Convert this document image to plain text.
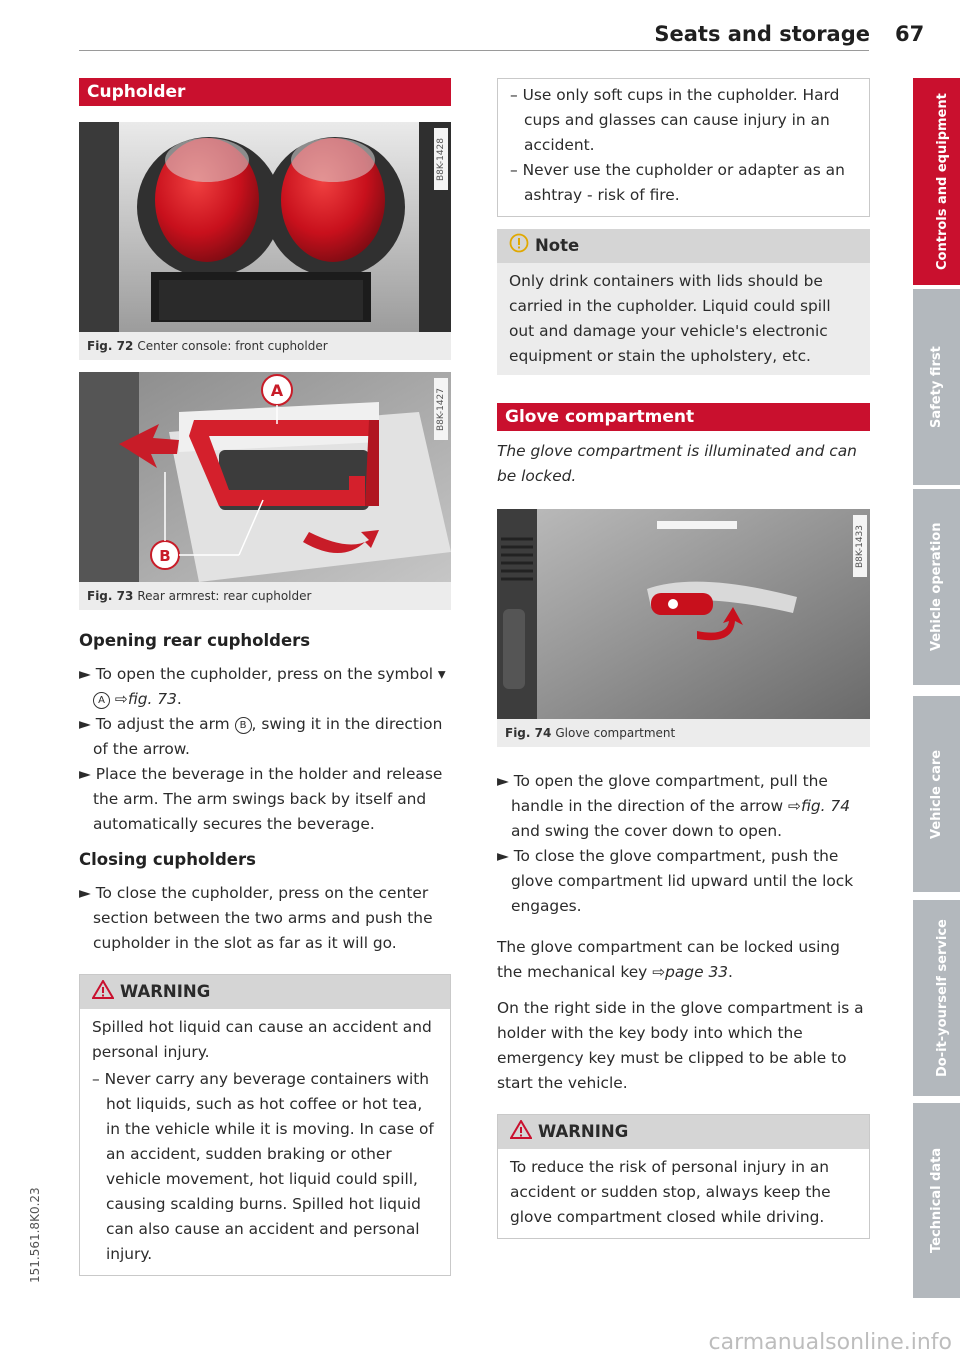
Seats and storage 67
Cupholder
B8K-1428
Fig. 72 Center console: front cupholder
A
B
B8K-1427
Fig. 73 Rear armrest: rear cupholder

Opening rear cupholders

► To open the cupholder, press on the symbol ▾A ⇨fig. 73.

► To adjust the arm B , swing it in the direction of the arrow.

► Place the beverage in the holder and release the arm. The arm swings back by itself and automatically secures the beverage.

Closing cupholders

► To close the cupholder, press on the center section between the two arms and push the cupholder in the slot as far as it will go.

WARNING

Spilled hot liquid can cause an accident and personal injury.

– Never carry any beverage containers with hot liquids, such as hot coffee or hot tea, in the vehicle while it is moving. In case of an accident, sudden braking or other vehicle movement, hot liquid could spill, causing scalding burns. Spilled hot liquid can also cause an accident and personal injury.

– Use only soft cups in the cupholder. Hard cups and glasses can cause injury in an accident.

– Never use the cupholder or adapter as an ashtray - risk of fire.

Note

Only drink containers with lids should be carried in the cupholder. Liquid could spill out and damage your vehicle's electronic equipment or stain the upholstery, etc.

Glove compartment

The glove compartment is illuminated and can be locked.

B8K-1433
Fig. 74 Glove compartment

► To open the glove compartment, pull the handle in the direction of the arrow ⇨fig. 74 and swing the cover down to open.

► To close the glove compartment, push the glove compartment lid upward until the lock engages.

The glove compartment can be locked using the mechanical key ⇨page 33.

On the right side in the glove compartment is a holder with the key body into which the emergency key must be clipped to be able to start the vehicle.

WARNING

To reduce the risk of personal injury in an accident or sudden stop, always keep the glove compartment closed while driving.

Controls and equipment
Safety first
Vehicle operation
Vehicle care
Do-it-yourself service
Technical data
151.561.8K0.23
carmanualsonline.info
